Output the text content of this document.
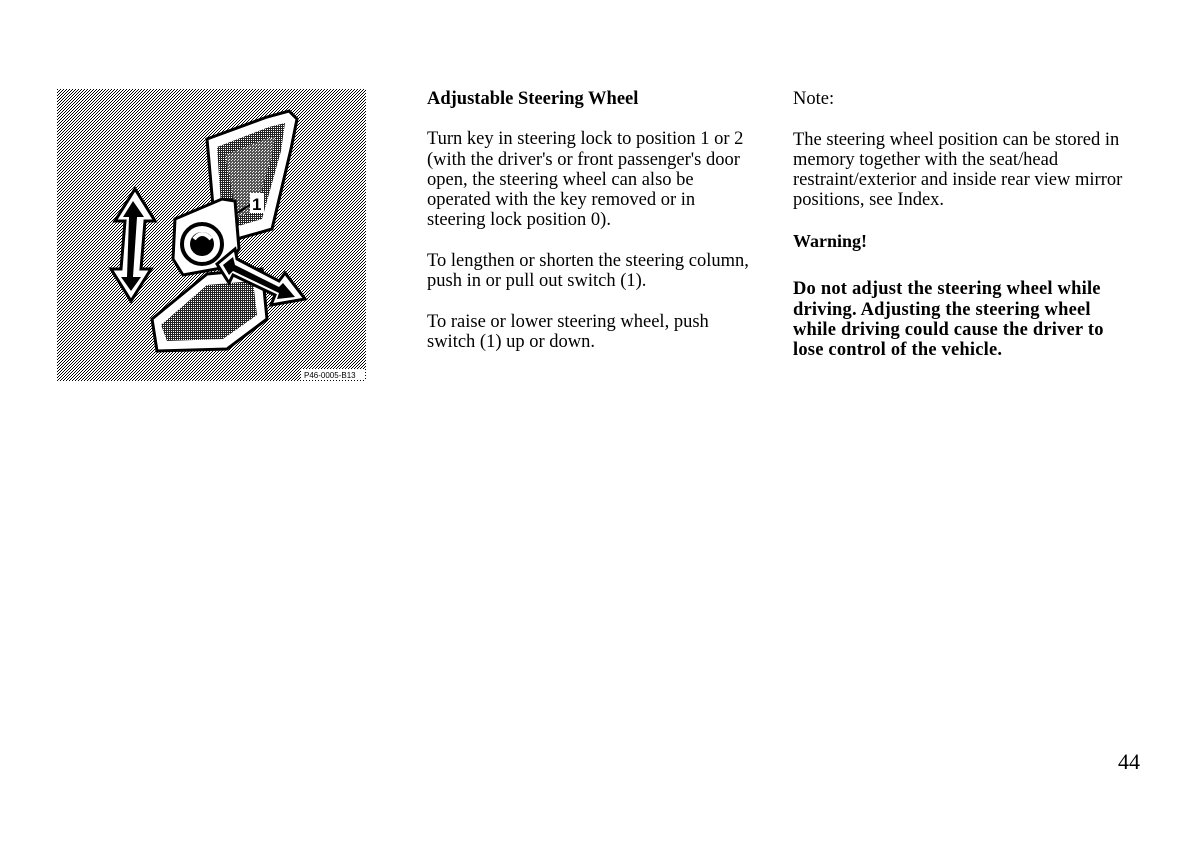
1
P46-0005-B13

Adjustable Steering Wheel

Turn key in steering lock to position 1 or 2 (with the driver's or front passenger's door open, the steering wheel can also be operated with the key removed or in steering lock position 0).

To lengthen or shorten the steering column, push in or pull out switch (1).

To raise or lower steering wheel, push switch (1) up or down.

Note:

The steering wheel position can be stored in memory together with the seat/head restraint/exterior and inside rear view mirror positions, see Index.

Warning!

Do not adjust the steering wheel while driving. Adjusting the steering wheel while driving could cause the driver to lose control of the vehicle.

44
